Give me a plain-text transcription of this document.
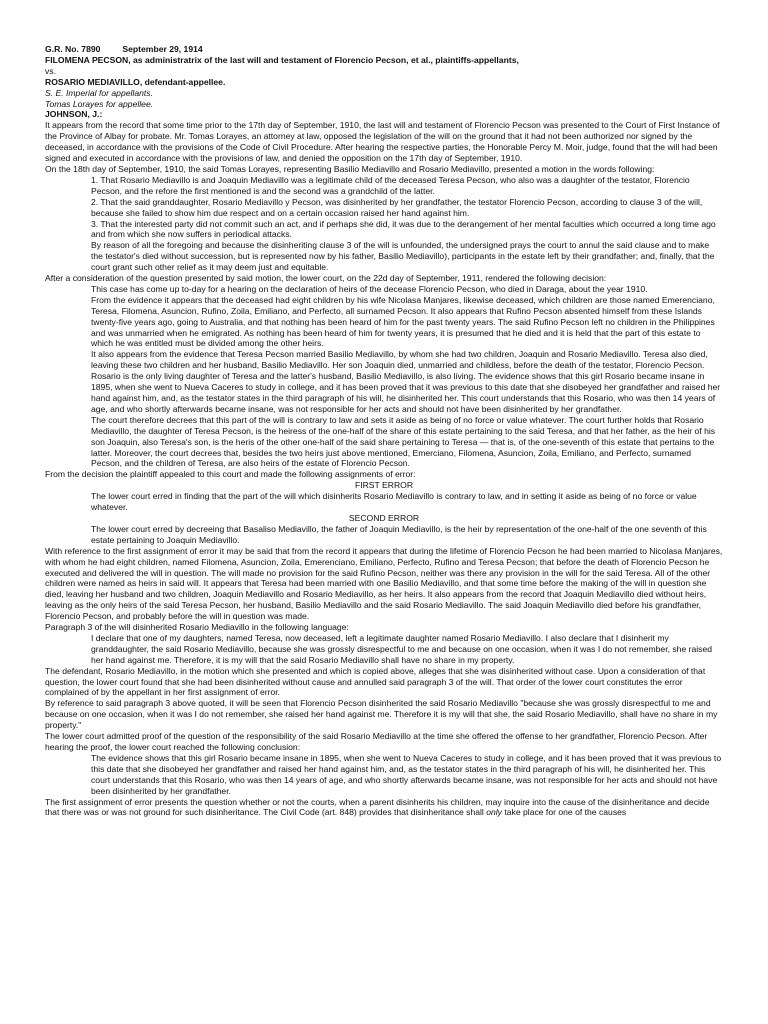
G.R. No. 7890	September 29, 1914

FILOMENA PECSON, as administratrix of the last will and testament of Florencio Pecson, et al., plaintiffs-appellants,

vs.

ROSARIO MEDIAVILLO, defendant-appellee.

S. E. Imperial for appellants.

Tomas Lorayes for appellee.

JOHNSON, J.:

It appears from the record that some time prior to the 17th day of September, 1910, the last will and testament of Florencio Pecson was presented to the Court of First Instance of the Province of Albay for probate. Mr. Tomas Lorayes, an attorney at law, opposed the legislation of the will on the ground that it had not been authorized nor signed by the deceased, in accordance with the provisions of the Code of Civil Procedure. After hearing the respective parties, the Honorable Percy M. Moir, judge, found that the will had been signed and executed in accordance with the provisions of law, and denied the opposition on the 17th day of September, 1910.

On the 18th day of September, 1910, the said Tomas Lorayes, representing Basilio Mediavillo and Rosario Mediavillo, presented a motion in the words following:

1. That Rosario Mediavillo is and Joaquin Mediavillo was a legitimate child of the deceased Teresa Pecson, who also was a daughter of the testator, Florencio Pecson, and the refore the first mentioned is and the second was a grandchild of the latter.

2. That the said granddaughter, Rosario Mediavillo y Pecson, was disinherited by her grandfather, the testator Florencio Pecson, according to clause 3 of the will, because she failed to show him due respect and on a certain occasion raised her hand against him.

3. That the interested party did not commit such an act, and if perhaps she did, it was due to the derangement of her mental faculties which occurred a long time ago and from which she now suffers in periodical attacks.

By reason of all the foregoing and because the disinheriting clause 3 of the will is unfounded, the undersigned prays the court to annul the said clause and to make the testator's died without succession, but is represented now by his father, Basilio Mediavillo), participants in the estate left by their grandfather; and, finally, that the court grant such other relief as it may deem just and equitable.

After a consideration of the question presented by said motion, the lower court, on the 22d day of September, 1911, rendered the following decision:

This case has come up to-day for a hearing on the declaration of heirs of the decease Florencio Pecson, who died in Daraga, about the year 1910.

From the evidence it appears that the deceased had eight children by his wife Nicolasa Manjares, likewise deceased, which children are those named Emerenciano, Teresa, Filomena, Asuncion, Rufino, Zoila, Emiliano, and Perfecto, all surnamed Pecson. It also appears that Rufino Pecson absented himself from these Islands twenty-five years ago, going to Australia, and that nothing has been heard of him for the past twenty years. The said Rufino Pecson left no children in the Philippines and was unmarried when he emigrated. As nothing has been heard of him for twenty years, it is presumed that he died and it is held that the part of this estate to which he was entitled must be divided among the other heirs.

It also appears from the evidence that Teresa Pecson married Basilio Mediavillo, by whom she had two children, Joaquin and Rosario Mediavillo. Teresa also died, leaving these two children and her husband, Basilio Mediavillo. Her son Joaquin died, unmarried and childless, before the death of the testator, Florencio Pecson. Rosario is the only living daughter of Teresa and the latter's husband, Basilio Mediavillo, is also living. The evidence shows that this girl Rosario became insane in 1895, when she went to Nueva Caceres to study in college, and it has been proved that it was previous to this date that she disobeyed her grandfather and raised her hand against him, and, as the testator states in the third paragraph of his will, he disinherited her. This court understands that this Rosario, who was then 14 years of age, and who shortly afterwards became insane, was not responsible for her acts and should not have been disinherited by her grandfather.

The court therefore decrees that this part of the will is contrary to law and sets it aside as being of no force or value whatever. The court further holds that Rosario Mediavillo, the daughter of Teresa Pecson, is the heiress of the one-half of the share of this estate pertaining to the said Teresa, and that her father, as the heir of his son Joaquin, also Teresa's son, is the heris of the other one-half of the said share pertaining to Teresa — that is, of the one-seventh of this estate that pertains to the latter. Moreover, the court decrees that, besides the two heirs just above mentioned, Emerciano, Filomena, Asuncion, Zoila, Emiliano, and Perfecto, surnamed Pecson, and the children of Teresa, are also heirs of the estate of Florencio Pecson.

From the decision the plaintiff appealed to this court and made the following assignments of error:

FIRST ERROR

The lower court erred in finding that the part of the will which disinherits Rosario Mediavillo is contrary to law, and in setting it aside as being of no force or value whatever.

SECOND ERROR

The lower court erred by decreeing that Basaliso Mediavillo, the father of Joaquin Mediavillo, is the heir by representation of the one-half of the one seventh of this estate pertaining to Joaquin Mediavillo.

With reference to the first assignment of error it may be said that from the record it appears that during the lifetime of Florencio Pecson he had been married to Nicolasa Manjares, with whom he had eight children, named Filomena, Asuncion, Zoila, Emerenciano, Emiliano, Perfecto, Rufino and Teresa Pecson; that before the death of Florencio Pecson he executed and delivered the will in question. The will made no provision for the said Rufino Pecson, neither was there any provision in the will for the said Teresa. All of the other children were named as heirs in said will. It appears that Teresa had been married with one Basilio Mediavillo, and that some time before the making of the will in question she died, leaving her husband and two children, Joaquin Mediavillo and Rosario Mediavillo, as her heirs. It also appears from the record that Joaquin Mediavillo died without heirs, leaving as the only heirs of the said Teresa Pecson, her husband, Basilio Mediavillo and the said Rosario Mediavillo. The said Joaquin Mediavillo died before his grandfather, Florencio Pecson, and probably before the will in question was made.

Paragraph 3 of the will disinherited Rosario Mediavillo in the following language:

I declare that one of my daughters, named Teresa, now deceased, left a legitimate daughter named Rosario Mediavillo. I also declare that I disinherit my granddaughter, the said Rosario Mediavillo, because she was grossly disrespectful to me and because on one occasion, when it was I do not remember, she raised her hand against me. Therefore, it is my will that the said Rosario Mediavillo shall have no share in my property.

The defendant, Rosario Mediavillo, in the motion which she presented and which is copied above, alleges that she was disinherited without case. Upon a consideration of that question, the lower court found that she had been disinherited without cause and annulled said paragraph 3 of the will. That order of the lower court constitutes the error complained of by the appellant in her first assignment of error.

By reference to said paragraph 3 above quoted, it will be seen that Florencio Pecson disinherited the said Rosario Mediavillo "because she was grossly disrespectful to me and because on one occasion, when it was I do not remember, she raised her hand against me. Therefore it is my will that she, the said Rosario Mediavillo, shall have no share in my property."

The lower court admitted proof of the question of the responsibility of the said Rosario Mediavillo at the time she offered the offense to her grandfather, Florencio Pecson. After hearing the proof, the lower court reached the following conclusion:

The evidence shows that this girl Rosario became insane in 1895, when she went to Nueva Caceres to study in college, and it has been proved that it was previous to this date that she disobeyed her grandfather and raised her hand against him, and, as the testator states in the third paragraph of his will, he disinherited her. This court understands that this Rosario, who was then 14 years of age, and who shortly afterwards became insane, was not responsible for her acts and should not have been disinherited by her grandfather.

The first assignment of error presents the question whether or not the courts, when a parent disinherits his children, may inquire into the cause of the disinheritance and decide that there was or was not ground for such disinheritance. The Civil Code (art. 848) provides that disinheritance shall only take place for one of the causes
